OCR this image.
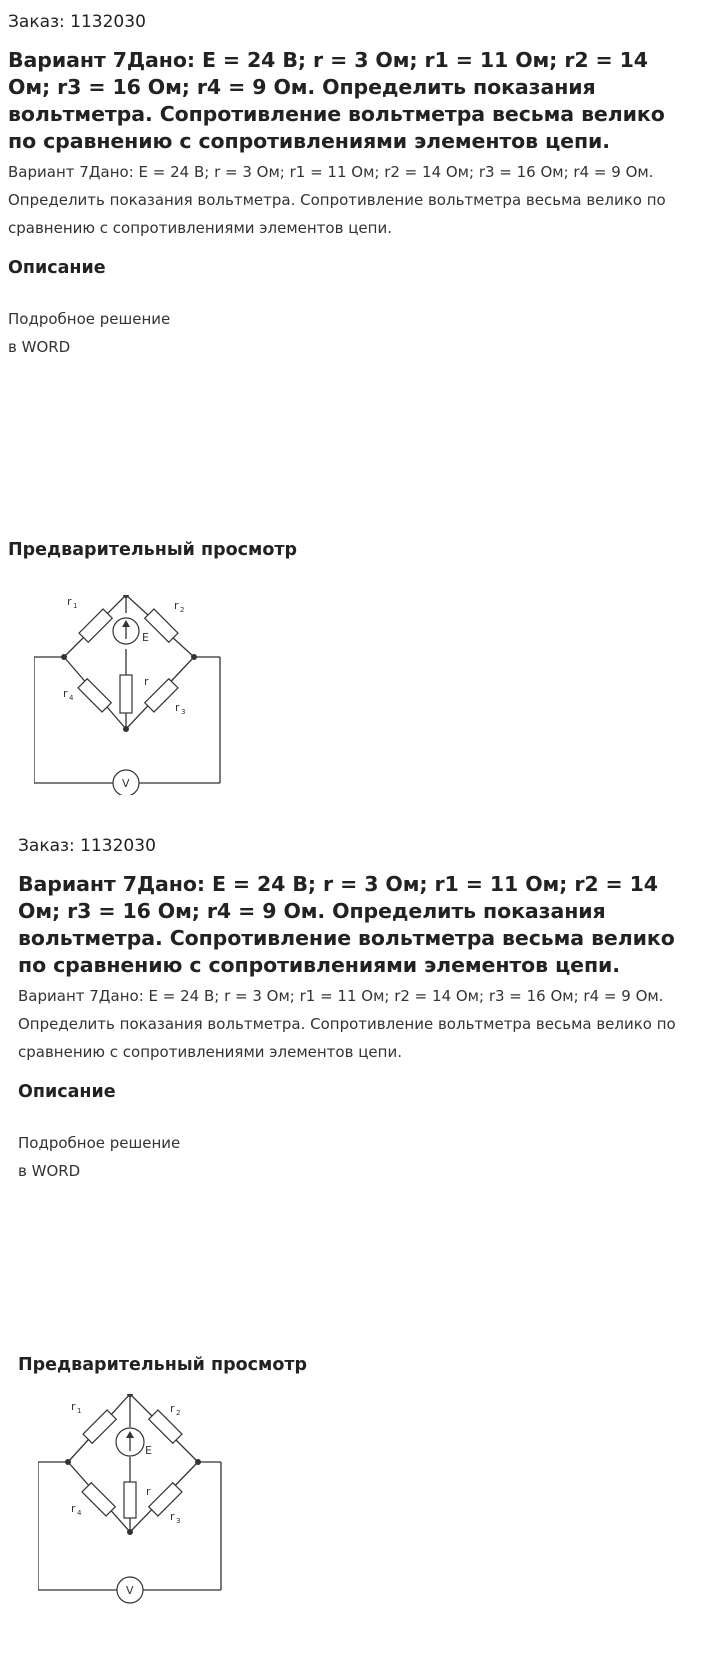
Заказ: 1132030

Вариант 7Дано: E = 24 В; r = 3 Ом; r1 = 11 Ом; r2 = 14 Ом; r3 = 16 Ом; r4 = 9 Ом. Определить показания вольтметра. Сопротивление вольтметра весьма велико по сравнению с сопротивлениями элементов цепи.

Вариант 7Дано: E = 24 В; r = 3 Ом; r1 = 11 Ом; r2 = 14 Ом; r3 = 16 Ом; r4 = 9 Ом. Определить показания вольтметра. Сопротивление вольтметра весьма велико по сравнению с сопротивлениями элементов цепи.

Описание

Подробное решение
в WORD

Предварительный просмотр

r 1	r 2
r 3
r 4
r
E
V

Заказ: 1132030

Вариант 7Дано: E = 24 В; r = 3 Ом; r1 = 11 Ом; r2 = 14 Ом; r3 = 16 Ом; r4 = 9 Ом. Определить показания вольтметра. Сопротивление вольтметра весьма велико по сравнению с сопротивлениями элементов цепи.

Вариант 7Дано: E = 24 В; r = 3 Ом; r1 = 11 Ом; r2 = 14 Ом; r3 = 16 Ом; r4 = 9 Ом. Определить показания вольтметра. Сопротивление вольтметра весьма велико по сравнению с сопротивлениями элементов цепи.

Описание

Подробное решение
в WORD

Предварительный просмотр

r 1	r 2
r 3
r 4
r
E
V
